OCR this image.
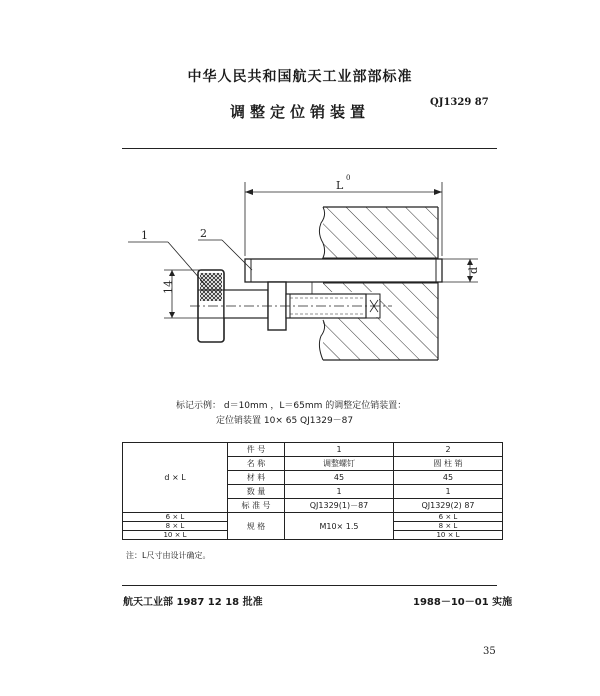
中华人民共和国航天工业部部标准
调整定位销装置
QJ1329 87
L
0
d
14
1	2
标记示例： d＝10mm ，L＝65mm 的调整定位销装置：
定位销装置 10× 65 QJ1329－87
d × L	件 号	1	2
	名 称	调整螺钉	圆 柱 销
	材 料	45	45
	数 量	1	1
	标 准 号	QJ1329(1)－87	QJ1329(2) 87
6 × L	规 格	M10× 1.5	6 × L
8 × L			8 × L
10 × L			10 × L
注：L尺寸由设计确定。
航天工业部 1987 12 18 批准	1988－10－01 实施
35
